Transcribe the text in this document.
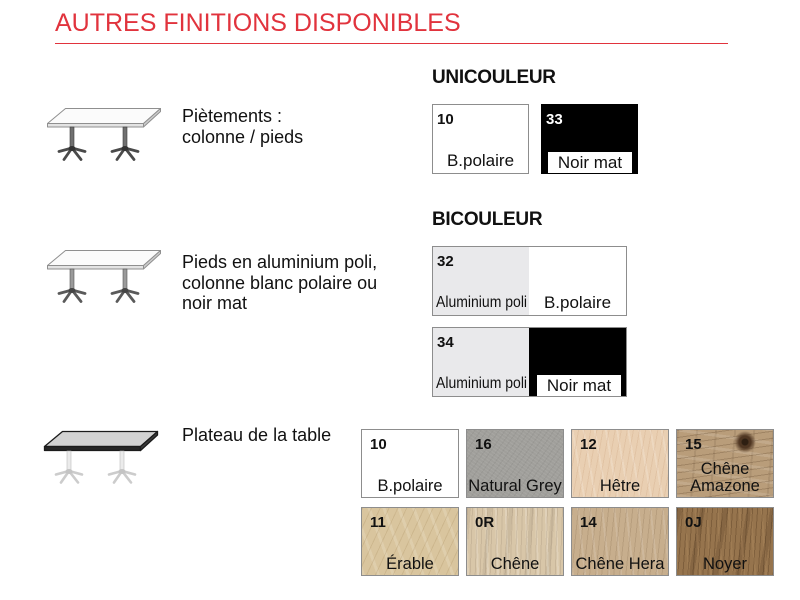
AUTRES FINITIONS DISPONIBLES
UNICOULEUR
BICOULEUR
Piètements :
colonne / pieds
Pieds en aluminium poli,
colonne blanc polaire ou
noir mat
Plateau de la table
10
B.polaire
33
Noir mat
32
Aluminium poli B.polaire
34
Aluminium poli	Noir mat
10
B.polaire
16
Natural Grey
12
Hêtre
15
Chêne Amazone
11
Érable
0R
Chêne
14
Chêne Hera
0J
Noyer
